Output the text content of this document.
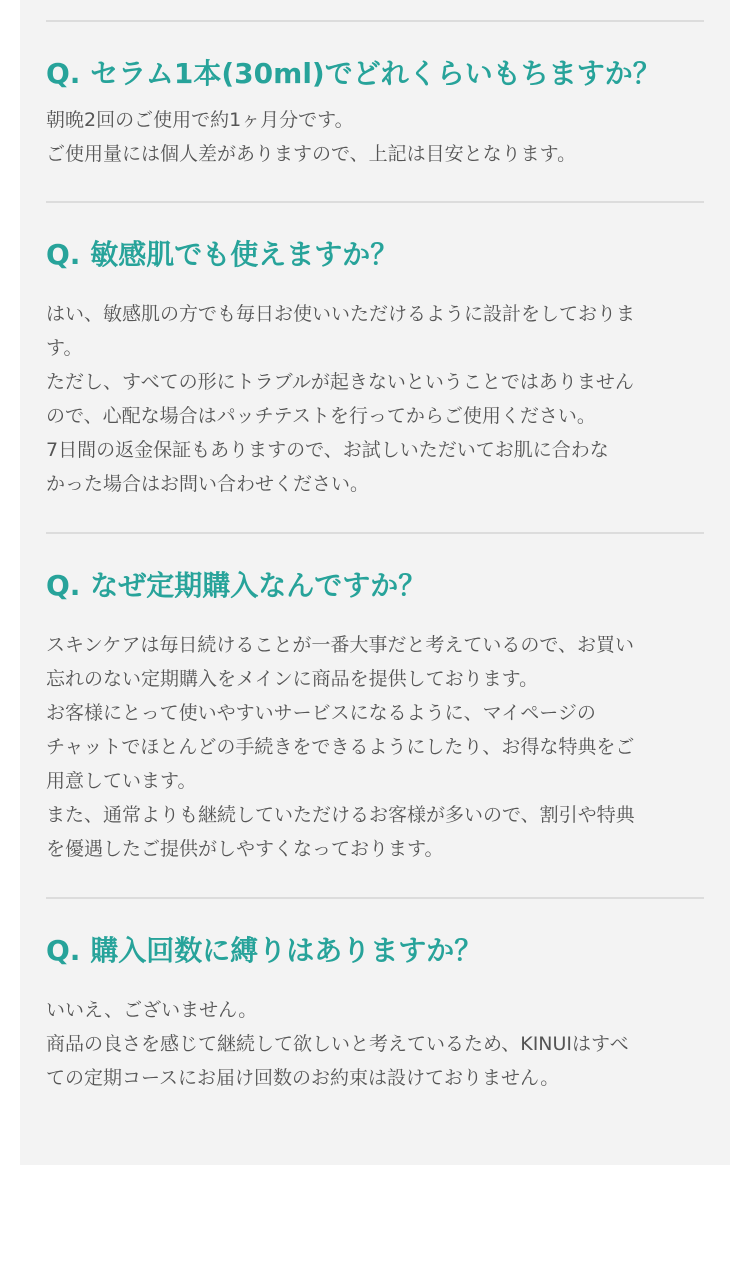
Q. セラム1本(30ml)でどれくらいもちますか？
朝晩2回のご使用で約1ヶ月分です。
ご使用量には個人差がありますので、上記は目安となります。
Q. 敏感肌でも使えますか？
はい、敏感肌の方でも毎日お使いいただけるように設計をしておりま
す。
ただし、すべての形にトラブルが起きないということではありません
ので、心配な場合はパッチテストを行ってからご使用ください。
7日間の返金保証もありますので、お試しいただいてお肌に合わな
かった場合はお問い合わせください。
Q. なぜ定期購入なんですか？
スキンケアは毎日続けることが一番大事だと考えているので、お買い
忘れのない定期購入をメインに商品を提供しております。
お客様にとって使いやすいサービスになるように、マイページの
チャットでほとんどの手続きをできるようにしたり、お得な特典をご
用意しています。
また、通常よりも継続していただけるお客様が多いので、割引や特典
を優遇したご提供がしやすくなっております。
Q. 購入回数に縛りはありますか？
いいえ、ございません。
商品の良さを感じて継続して欲しいと考えているため、KINUIはすべ
ての定期コースにお届け回数のお約束は設けておりません。
